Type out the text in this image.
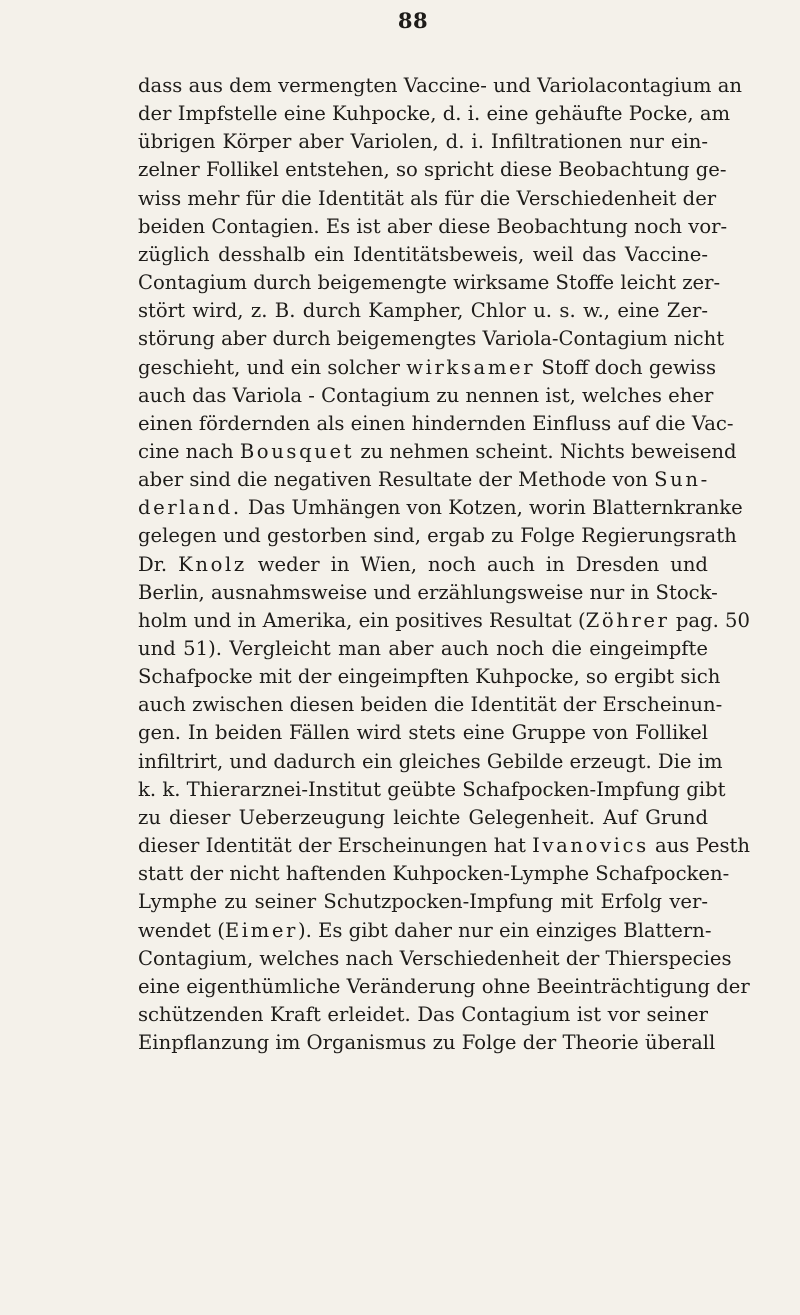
88
dass aus dem vermengten Vaccine- und Variolacontagium an
der Impfstelle eine Kuhpocke, d. i. eine gehäufte Pocke, am
übrigen Körper aber Variolen, d. i. Infiltrationen nur ein-
zelner Follikel entstehen, so spricht diese Beobachtung ge-
wiss mehr für die Identität als für die Verschiedenheit der
beiden Contagien. Es ist aber diese Beobachtung noch vor-
züglich desshalb ein Identitätsbeweis, weil das Vaccine-
Contagium durch beigemengte wirksame Stoffe leicht zer-
stört wird, z. B. durch Kampher, Chlor u. s. w., eine Zer-
störung aber durch beigemengtes Variola-Contagium nicht
geschieht, und ein solcher wirksamer Stoff doch gewiss
auch das Variola - Contagium zu nennen ist, welches eher
einen fördernden als einen hindernden Einfluss auf die Vac-
cine nach Bousquet zu nehmen scheint. Nichts beweisend
aber sind die negativen Resultate der Methode von Sun-
derland. Das Umhängen von Kotzen, worin Blatternkranke
gelegen und gestorben sind, ergab zu Folge Regierungsrath
Dr. Knolz weder in Wien, noch auch in Dresden und
Berlin, ausnahmsweise und erzählungsweise nur in Stock-
holm und in Amerika, ein positives Resultat (Zöhrer pag. 50
und 51). Vergleicht man aber auch noch die eingeimpfte
Schafpocke mit der eingeimpften Kuhpocke, so ergibt sich
auch zwischen diesen beiden die Identität der Erscheinun-
gen. In beiden Fällen wird stets eine Gruppe von Follikel
infiltrirt, und dadurch ein gleiches Gebilde erzeugt. Die im
k. k. Thierarznei-Institut geübte Schafpocken-Impfung gibt
zu dieser Ueberzeugung leichte Gelegenheit. Auf Grund
dieser Identität der Erscheinungen hat Ivanovics aus Pesth
statt der nicht haftenden Kuhpocken-Lymphe Schafpocken-
Lymphe zu seiner Schutzpocken-Impfung mit Erfolg ver-
wendet (Eimer). Es gibt daher nur ein einziges Blattern-
Contagium, welches nach Verschiedenheit der Thierspecies
eine eigenthümliche Veränderung ohne Beeinträchtigung der
schützenden Kraft erleidet. Das Contagium ist vor seiner
Einpflanzung im Organismus zu Folge der Theorie überall
